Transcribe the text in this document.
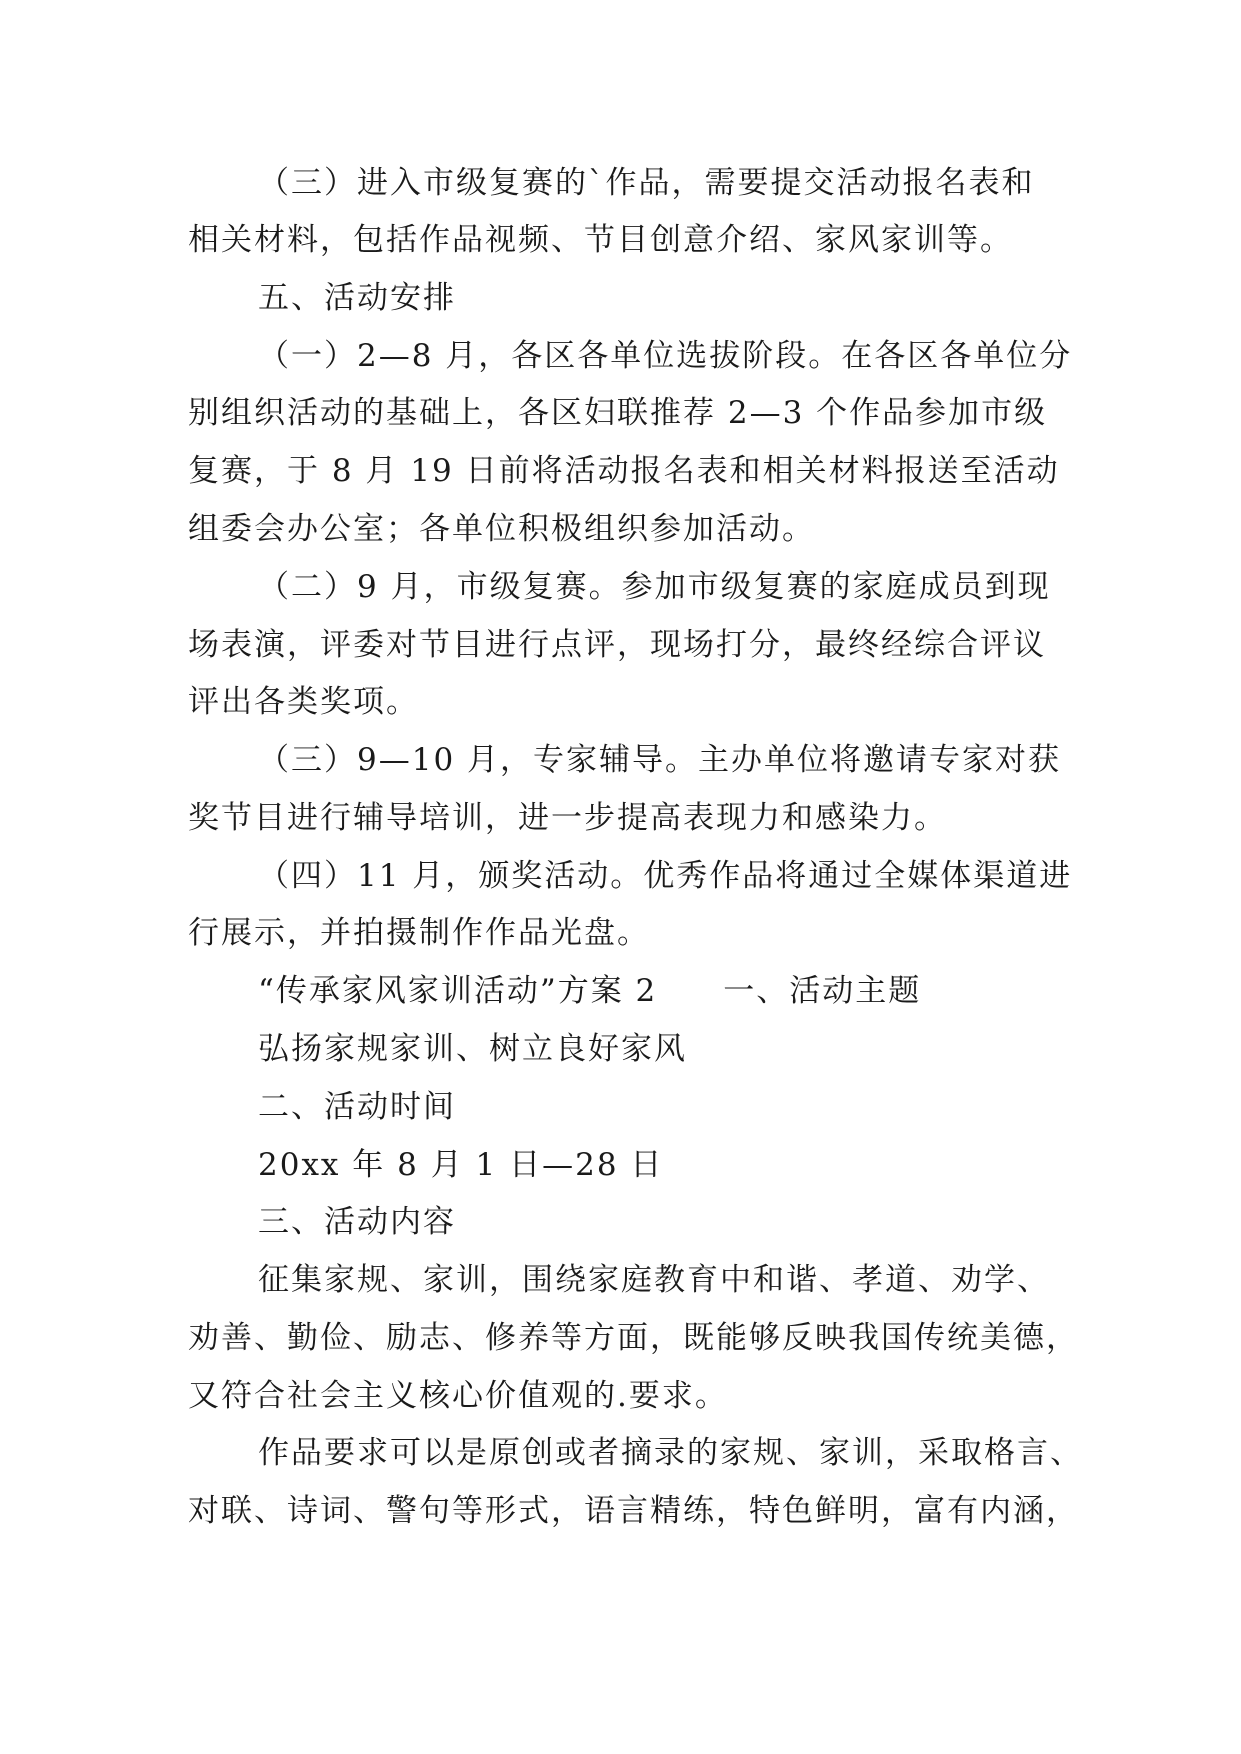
（三）进入市级复赛的`作品，需要提交活动报名表和
相关材料，包括作品视频、节目创意介绍、家风家训等。
五、活动安排
（一）2—8 月，各区各单位选拔阶段。在各区各单位分
别组织活动的基础上，各区妇联推荐 2—3 个作品参加市级
复赛，于 8 月 19 日前将活动报名表和相关材料报送至活动
组委会办公室；各单位积极组织参加活动。
（二）9 月，市级复赛。参加市级复赛的家庭成员到现
场表演，评委对节目进行点评，现场打分，最终经综合评议
评出各类奖项。
（三）9—10 月，专家辅导。主办单位将邀请专家对获
奖节目进行辅导培训，进一步提高表现力和感染力。
（四）11 月，颁奖活动。优秀作品将通过全媒体渠道进
行展示，并拍摄制作作品光盘。
“传承家风家训活动”方案 2　　一、活动主题
弘扬家规家训、树立良好家风
二、活动时间
20xx 年 8 月 1 日—28 日
三、活动内容
征集家规、家训，围绕家庭教育中和谐、孝道、劝学、
劝善、勤俭、励志、修养等方面，既能够反映我国传统美德，
又符合社会主义核心价值观的.要求。
作品要求可以是原创或者摘录的家规、家训，采取格言、
对联、诗词、警句等形式，语言精练，特色鲜明，富有内涵，
